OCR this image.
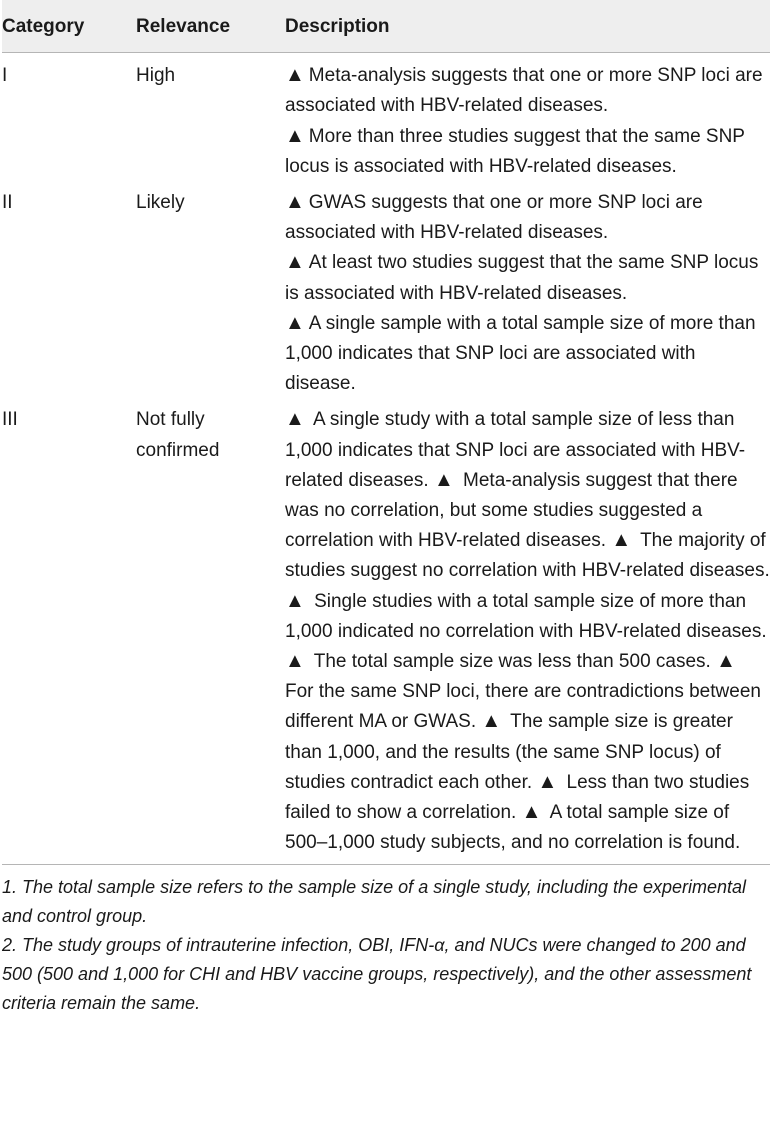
Category	Relevance	Description
I	High	▲ Meta-analysis suggests that one or more SNP loci are associated with HBV-related diseases.
▲ More than three studies suggest that the same SNP locus is associated with HBV-related diseases.

II	Likely	▲ GWAS suggests that one or more SNP loci are associated with HBV-related diseases.
▲ At least two studies suggest that the same SNP locus is associated with HBV-related diseases.
▲ A single sample with a total sample size of more than 1,000 indicates that SNP loci are associated with disease.

III	Not fully confirmed	▲ A single study with a total sample size of less than 1,000 indicates that SNP loci are associated with HBV-related diseases. ▲ Meta-analysis suggest that there was no correlation, but some studies suggested a correlation with HBV-related diseases. ▲ The majority of studies suggest no correlation with HBV-related diseases. ▲ Single studies with a total sample size of more than 1,000 indicated no correlation with HBV-related diseases. ▲ The total sample size was less than 500 cases. ▲ For the same SNP loci, there are contradictions between different MA or GWAS. ▲ The sample size is greater than 1,000, and the results (the same SNP locus) of studies contradict each other. ▲ Less than two studies failed to show a correlation. ▲ A total sample size of 500–1,000 study subjects, and no correlation is found.
1. The total sample size refers to the sample size of a single study, including the experimental and control group.
2. The study groups of intrauterine infection, OBI, IFN-α, and NUCs were changed to 200 and 500 (500 and 1,000 for CHI and HBV vaccine groups, respectively), and the other assessment criteria remain the same.
